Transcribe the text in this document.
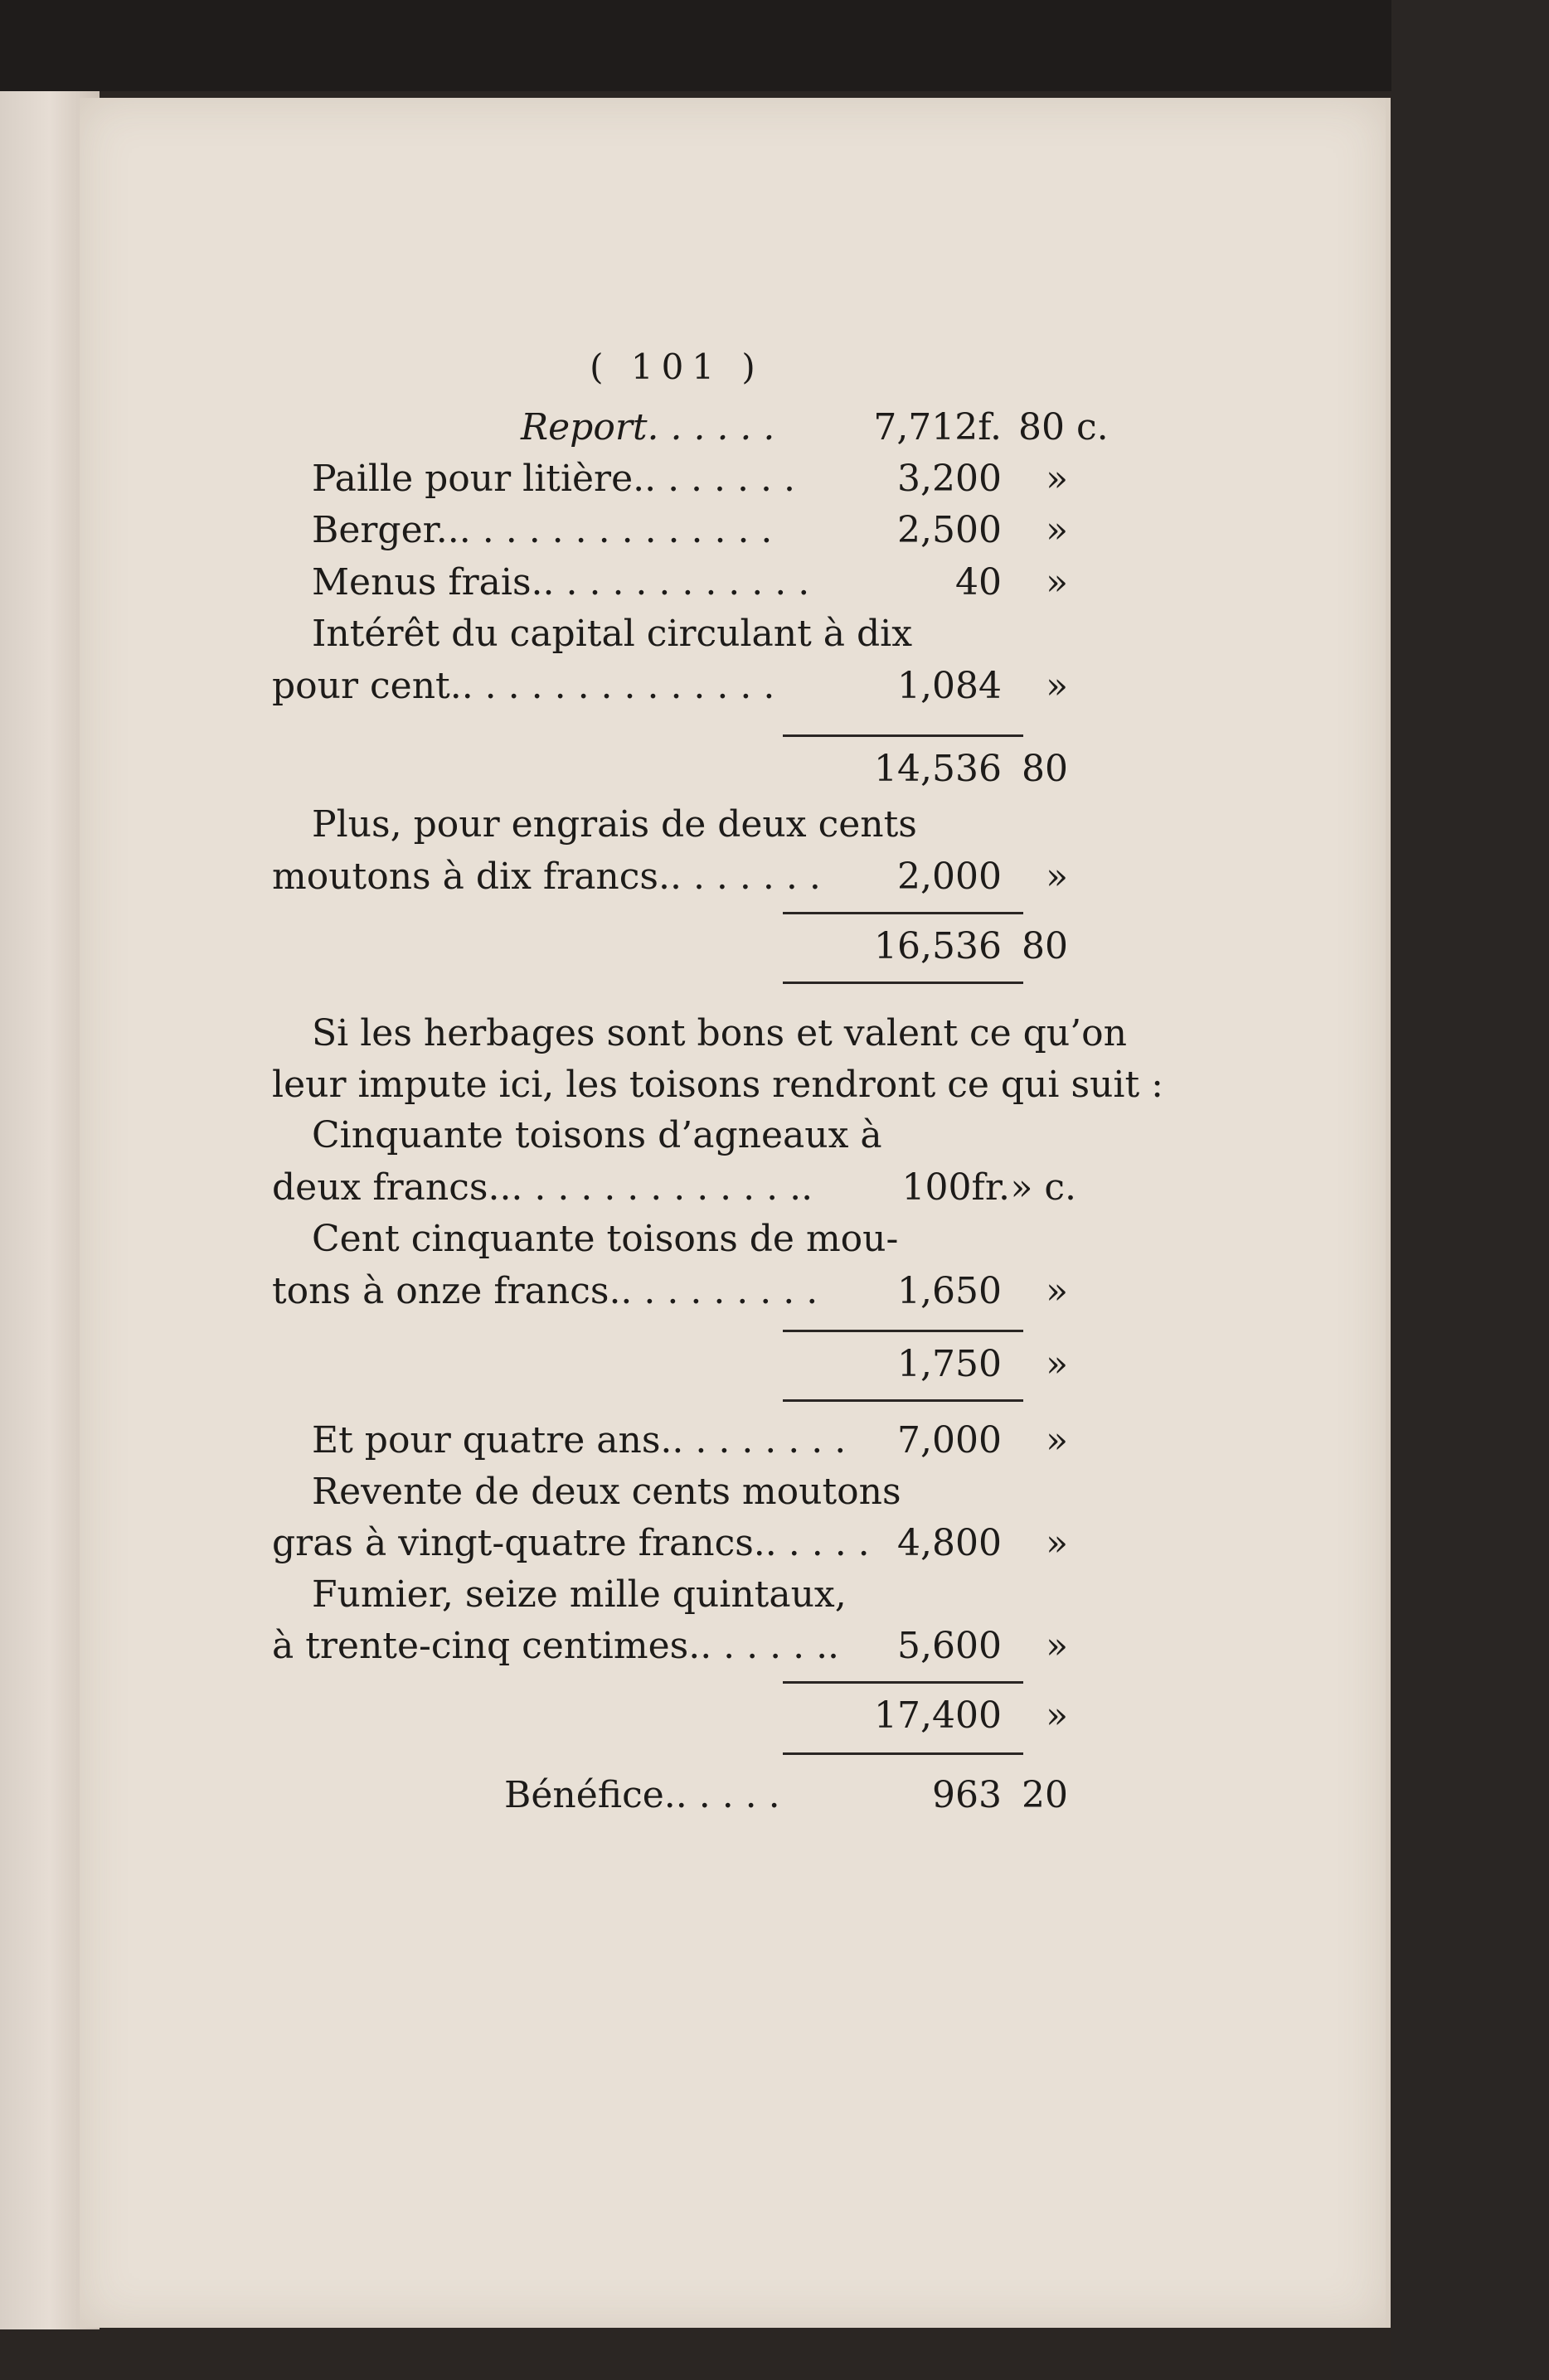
( 101 )
Report. . . . . .	7,712f. 80 c.
Paille pour litière.. . . . . . .	3,200	»
Berger... . . . . . . . . . . . . .	2,500	»
Menus frais.. . . . . . . . . . . .	40	»
Intérêt du capital circulant à dix
pour cent.. . . . . . . . . . . . . .	1,084	»
14,536 80
Plus, pour engrais de deux cents
moutons à dix francs.. . . . . . .	2,000	»
16,536 80
Si les herbages sont bons et valent ce qu’on
leur impute ici, les toisons rendront ce qui suit :
Cinquante toisons d’agneaux à
deux francs... . . . . . . . . . . . ..	100fr. » c.
Cent cinquante toisons de mou-
tons à onze francs.. . . . . . . . .	1,650	»
1,750	»
Et pour quatre ans.. . . . . . . .	7,000	»
Revente de deux cents moutons
gras à vingt-quatre francs.. . . . . 4,800	»
Fumier, seize mille quintaux,
à trente-cinq centimes.. . . . . ..	5,600	»
17,400	»
Bénéfice.. . . . .	963 20
